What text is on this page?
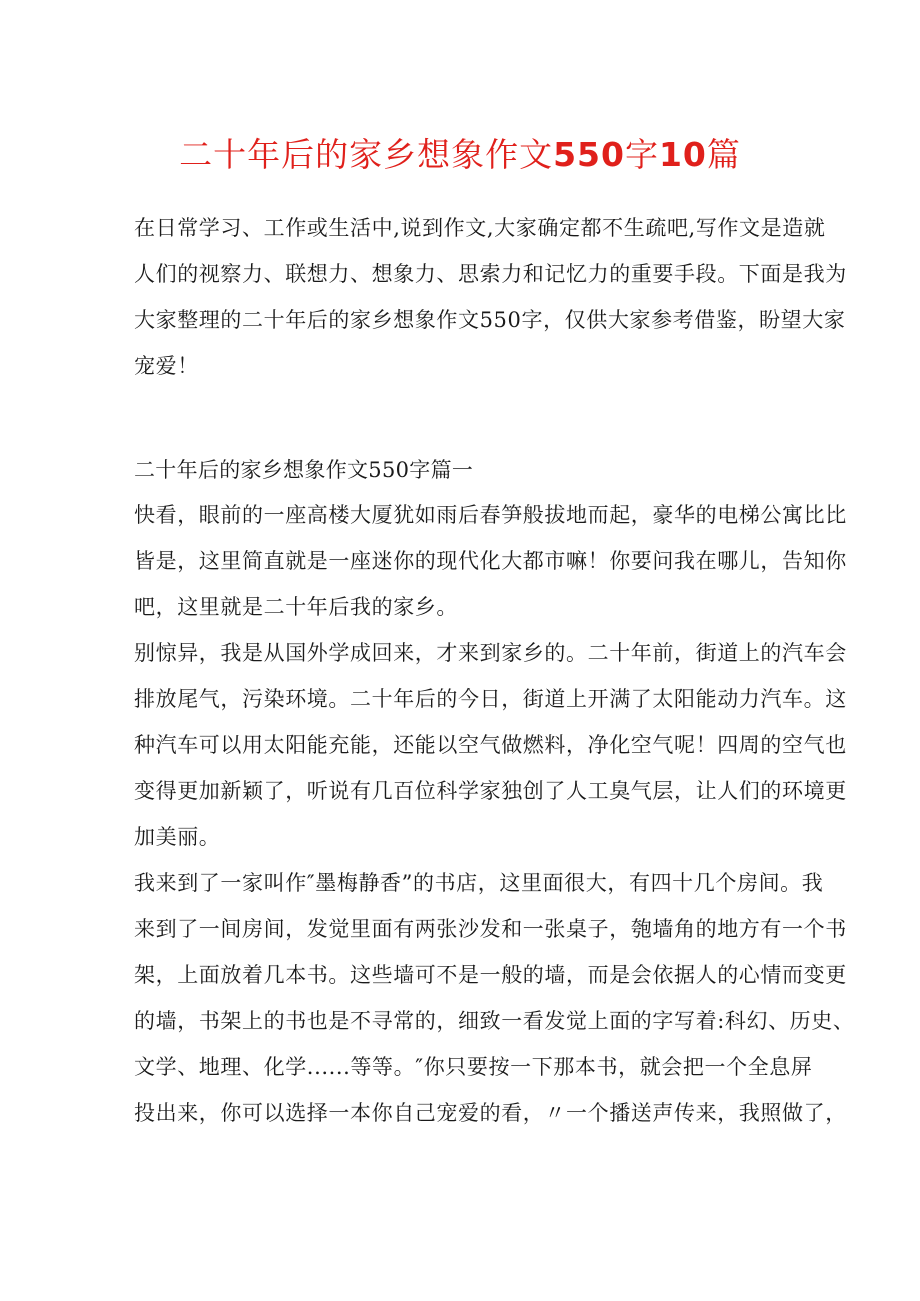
二十年后的家乡想象作文550字10篇
在日常学习、工作或生活中,说到作文,大家确定都不生疏吧,写作文是造就
人们的视察力、联想力、想象力、思索力和记忆力的重要手段。下面是我为
大家整理的二十年后的家乡想象作文550字，仅供大家参考借鉴，盼望大家
宠爱！
二十年后的家乡想象作文550字篇一
快看，眼前的一座高楼大厦犹如雨后春笋般拔地而起，豪华的电梯公寓比比
皆是，这里简直就是一座迷你的现代化大都市嘛！你要问我在哪儿，告知你
吧，这里就是二十年后我的家乡。
别惊异，我是从国外学成回来，才来到家乡的。二十年前，街道上的汽车会
排放尾气，污染环境。二十年后的今日，街道上开满了太阳能动力汽车。这
种汽车可以用太阳能充能，还能以空气做燃料，净化空气呢！四周的空气也
变得更加新颖了，听说有几百位科学家独创了人工臭气层，让人们的环境更
加美丽。
我来到了一家叫作″墨梅静香”的书店，这里面很大，有四十几个房间。我
来到了一间房间，发觉里面有两张沙发和一张桌子，匏墙角的地方有一个书
架，上面放着几本书。这些墙可不是一般的墙，而是会依据人的心情而变更
的墙，书架上的书也是不寻常的，细致一看发觉上面的字写着:科幻、历史、
文学、地理、化学......等等。″你只要按一下那本书，就会把一个全息屏
投出来，你可以选择一本你自己宠爱的看，〃一个播送声传来，我照做了，
